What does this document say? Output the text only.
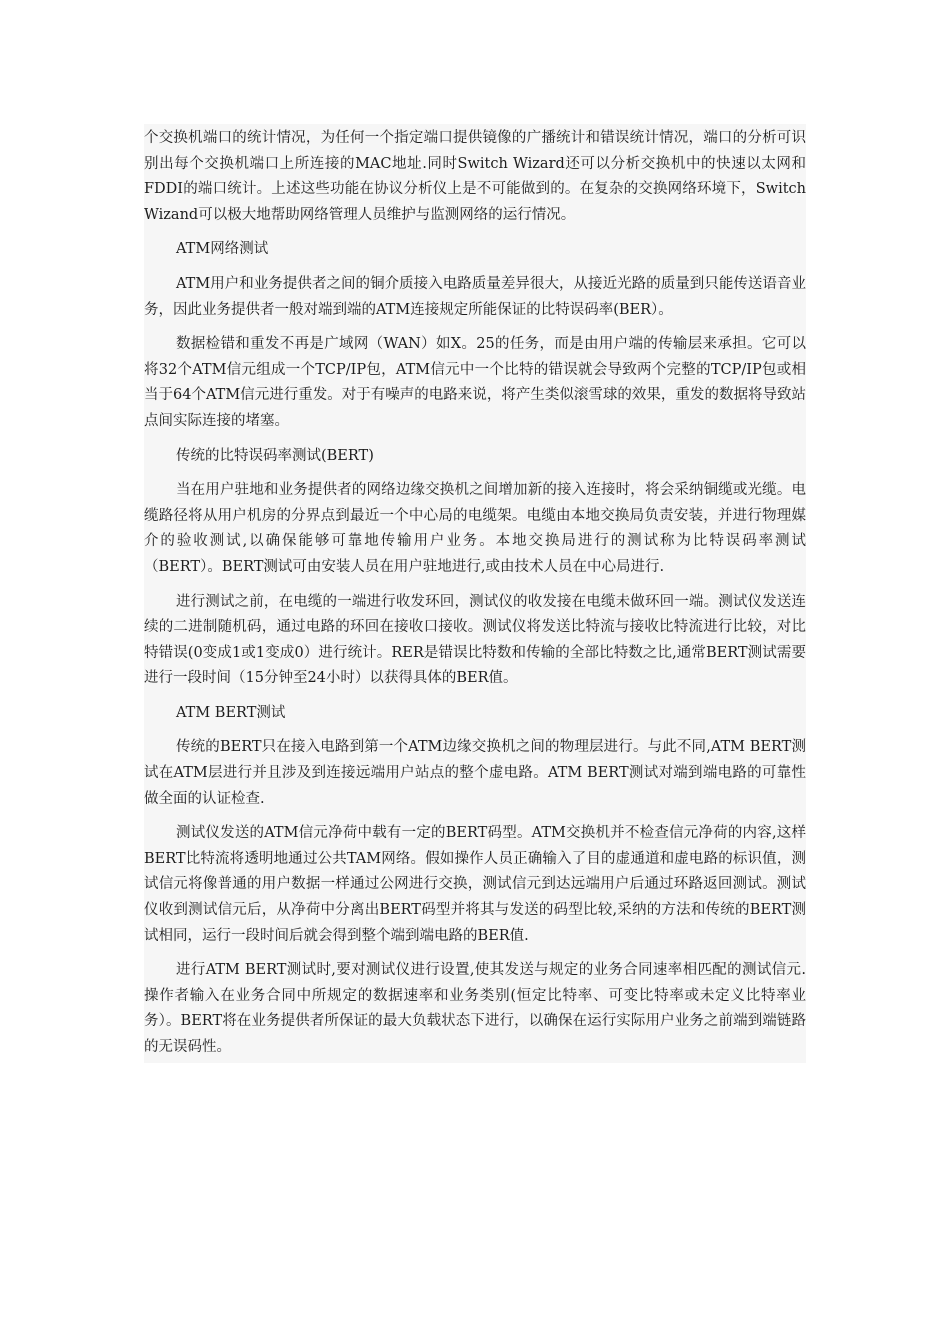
个交换机端口的统计情况，为任何一个指定端口提供镜像的广播统计和错误统计情况，端口的分析可识别出每个交换机端口上所连接的MAC地址.同时Switch Wizard还可以分析交换机中的快速以太网和FDDI的端口统计。上述这些功能在协议分析仪上是不可能做到的。在复杂的交换网络环境下，Switch Wizand可以极大地帮助网络管理人员维护与监测网络的运行情况。

ATM网络测试

ATM用户和业务提供者之间的铜介质接入电路质量差异很大，从接近光路的质量到只能传送语音业务，因此业务提供者一般对端到端的ATM连接规定所能保证的比特误码率(BER）。

数据检错和重发不再是广域网（WAN）如X。25的任务，而是由用户端的传输层来承担。它可以将32个ATM信元组成一个TCP/IP包，ATM信元中一个比特的错误就会导致两个完整的TCP/IP包或相当于64个ATM信元进行重发。对于有噪声的电路来说，将产生类似滚雪球的效果，重发的数据将导致站点间实际连接的堵塞。

传统的比特误码率测试(BERT)

当在用户驻地和业务提供者的网络边缘交换机之间增加新的接入连接时，将会采纳铜缆或光缆。电缆路径将从用户机房的分界点到最近一个中心局的电缆架。电缆由本地交换局负责安装，并进行物理媒介的验收测试,以确保能够可靠地传输用户业务。本地交换局进行的测试称为比特误码率测试（BERT）。BERT测试可由安装人员在用户驻地进行,或由技术人员在中心局进行.

进行测试之前，在电缆的一端进行收发环回，测试仪的收发接在电缆未做环回一端。测试仪发送连续的二进制随机码，通过电路的环回在接收口接收。测试仪将发送比特流与接收比特流进行比较，对比特错误(0变成1或1变成0）进行统计。RER是错误比特数和传输的全部比特数之比,通常BERT测试需要进行一段时间（15分钟至24小时）以获得具体的BER值。

ATM BERT测试

传统的BERT只在接入电路到第一个ATM边缘交换机之间的物理层进行。与此不同,ATM BERT测试在ATM层进行并且涉及到连接远端用户站点的整个虚电路。ATM BERT测试对端到端电路的可靠性做全面的认证检查.

测试仪发送的ATM信元净荷中载有一定的BERT码型。ATM交换机并不检查信元净荷的内容,这样BERT比特流将透明地通过公共TAM网络。假如操作人员正确输入了目的虚通道和虚电路的标识值，测试信元将像普通的用户数据一样通过公网进行交换，测试信元到达远端用户后通过环路返回测试。测试仪收到测试信元后，从净荷中分离出BERT码型并将其与发送的码型比较,采纳的方法和传统的BERT测试相同，运行一段时间后就会得到整个端到端电路的BER值.

进行ATM BERT测试时,要对测试仪进行设置,使其发送与规定的业务合同速率相匹配的测试信元.操作者输入在业务合同中所规定的数据速率和业务类别(恒定比特率、可变比特率或未定义比特率业务）。BERT将在业务提供者所保证的最大负载状态下进行，以确保在运行实际用户业务之前端到端链路的无误码性。
